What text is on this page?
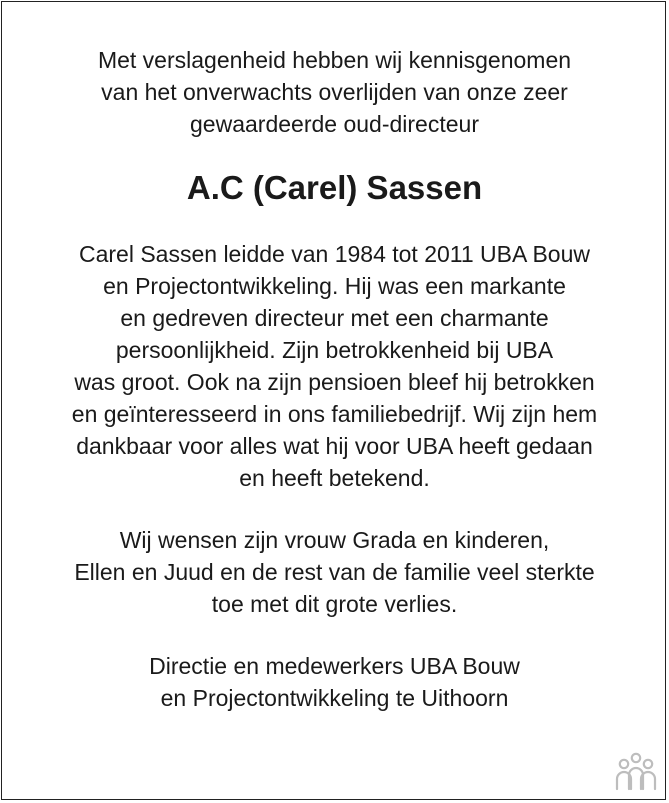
Met verslagenheid hebben wij kennisgenomen
van het onverwachts overlijden van onze zeer
gewaardeerde oud-directeur

A.C (Carel) Sassen

Carel Sassen leidde van 1984 tot 2011 UBA Bouw
en Projectontwikkeling. Hij was een markante
en gedreven directeur met een charmante
persoonlijkheid. Zijn betrokkenheid bij UBA
was groot. Ook na zijn pensioen bleef hij betrokken
en geïnteresseerd in ons familiebedrijf. Wij zijn hem
dankbaar voor alles wat hij voor UBA heeft gedaan
en heeft betekend.

Wij wensen zijn vrouw Grada en kinderen,
Ellen en Juud en de rest van de familie veel sterkte
toe met dit grote verlies.

Directie en medewerkers UBA Bouw
en Projectontwikkeling te Uithoorn
